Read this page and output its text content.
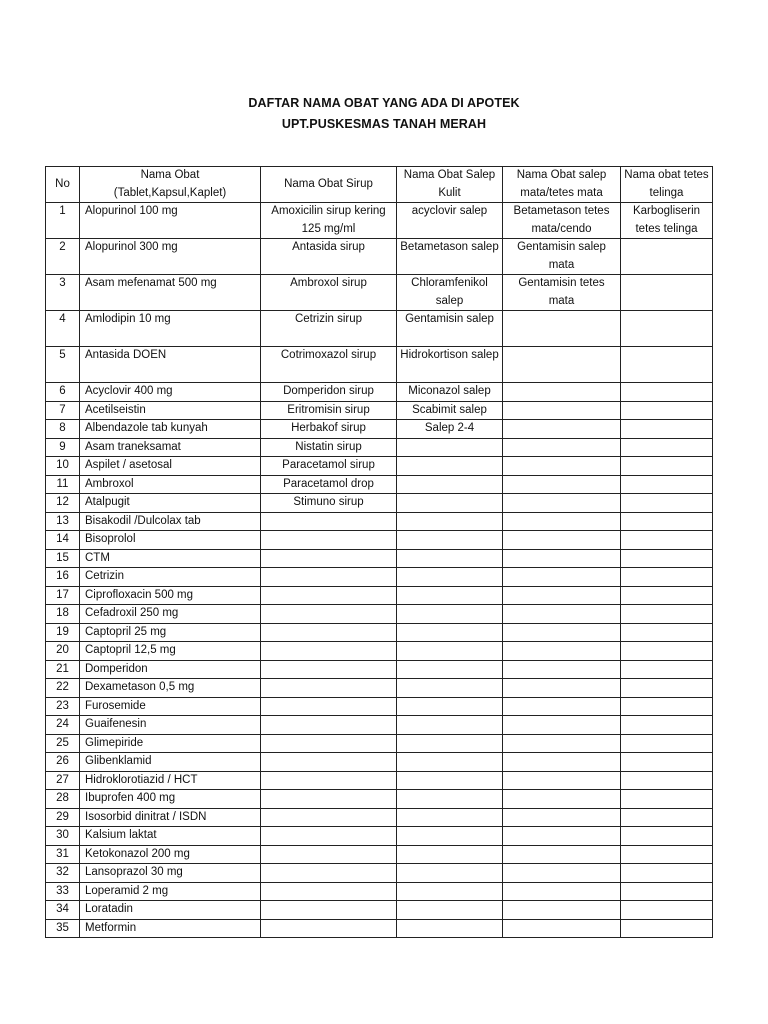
DAFTAR NAMA OBAT YANG ADA DI APOTEK
UPT.PUSKESMAS TANAH MERAH
No	Nama Obat (Tablet,Kapsul,Kaplet)	Nama Obat Sirup	Nama Obat Salep Kulit	Nama Obat salep mata/tetes mata	Nama obat tetes telinga
1	Alopurinol 100 mg	Amoxicilin sirup kering 125 mg/ml	acyclovir salep	Betametason tetes mata/cendo	Karbogliserin tetes telinga
2	Alopurinol 300 mg	Antasida sirup	Betametason salep	Gentamisin salep mata	
3	Asam mefenamat 500 mg	Ambroxol sirup	Chloramfenikol salep	Gentamisin tetes mata	
4	Amlodipin 10 mg	Cetrizin sirup	Gentamisin salep		
5	Antasida DOEN	Cotrimoxazol sirup	Hidrokortison salep		
6	Acyclovir 400 mg	Domperidon sirup	Miconazol salep		
7	Acetilseistin	Eritromisin sirup	Scabimit salep		
8	Albendazole tab kunyah	Herbakof sirup	Salep 2-4		
9	Asam traneksamat	Nistatin sirup			
10	Aspilet / asetosal	Paracetamol sirup			
11	Ambroxol	Paracetamol drop			
12	Atalpugit	Stimuno sirup			
13	Bisakodil /Dulcolax tab				
14	Bisoprolol				
15	CTM				
16	Cetrizin				
17	Ciprofloxacin 500 mg				
18	Cefadroxil 250 mg				
19	Captopril 25 mg				
20	Captopril 12,5 mg				
21	Domperidon				
22	Dexametason 0,5 mg				
23	Furosemide				
24	Guaifenesin				
25	Glimepiride				
26	Glibenklamid				
27	Hidroklorotiazid / HCT				
28	Ibuprofen 400 mg				
29	Isosorbid dinitrat / ISDN				
30	Kalsium laktat				
31	Ketokonazol 200 mg				
32	Lansoprazol 30 mg				
33	Loperamid 2 mg				
34	Loratadin				
35	Metformin				
